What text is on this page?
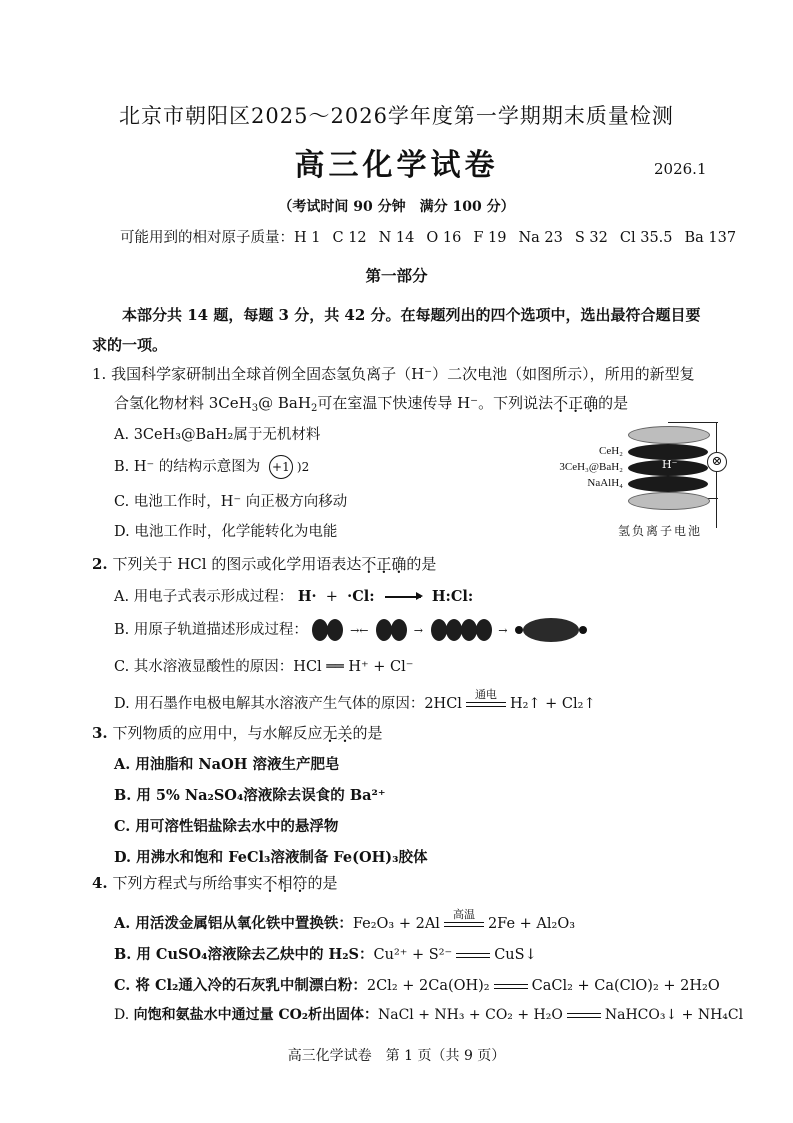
北京市朝阳区2025～2026学年度第一学期期末质量检测
高三化学试卷	2026.1
（考试时间 90 分钟　满分 100 分）
可能用到的相对原子质量：H 1 C 12 N 14 O 16 F 19 Na 23 S 32 Cl 35.5 Ba 137
第一部分
本部分共 14 题，每题 3 分，共 42 分。在每题列出的四个选项中，选出最符合题目要求的一项。
1. 我国科学家研制出全球首例全固态氢负离子（H⁻）二次电池（如图所示），所用的新型复
合氢化物材料 3CeH$_3$@ BaH$_2$可在室温下快速传导 H⁻。下列说法不正确的是
A. 3CeH₃@BaH₂属于无机材料
B. H⁻ 的结构示意图为 +1 )2
C. 电池工作时，H⁻ 向正极方向移动
D. 电池工作时，化学能转化为电能
CeH₂
3CeH₃@BaH₂
NaAlH₄
H⁻	⊗
氢负离子电池
2. 下列关于 HCl 的图示或化学用语表达不正确的是
A. 用电子式表示形成过程： H· + ·Cl:	H:Cl:
B. 用原子轨道描述形成过程：	→←	→	→
C. 其水溶液显酸性的原因：HCl ══ H⁺ + Cl⁻
D. 用石墨作电极电解其水溶液产生气体的原因：2HCl
通电
H₂↑ + Cl₂↑
3. 下列物质的应用中，与水解反应无关的是
A. 用油脂和 NaOH 溶液生产肥皂
B. 用 5% Na₂SO₄溶液除去误食的 Ba²⁺
C. 用可溶性铝盐除去水中的悬浮物
D. 用沸水和饱和 FeCl₃溶液制备 Fe(OH)₃胶体
4. 下列方程式与所给事实不相符的是
A. 用活泼金属铝从氧化铁中置换铁：Fe₂O₃ + 2Al
高温
2Fe + Al₂O₃
B. 用 CuSO₄溶液除去乙炔中的 H₂S：Cu²⁺ + S²⁻	CuS↓
C. 将 Cl₂通入冷的石灰乳中制漂白粉：2Cl₂ + 2Ca(OH)₂	CaCl₂ + Ca(ClO)₂ + 2H₂O
D. 向饱和氨盐水中通过量 CO₂析出固体：NaCl + NH₃ + CO₂ + H₂O	NaHCO₃↓ + NH₄Cl
高三化学试卷　第 1 页（共 9 页）
